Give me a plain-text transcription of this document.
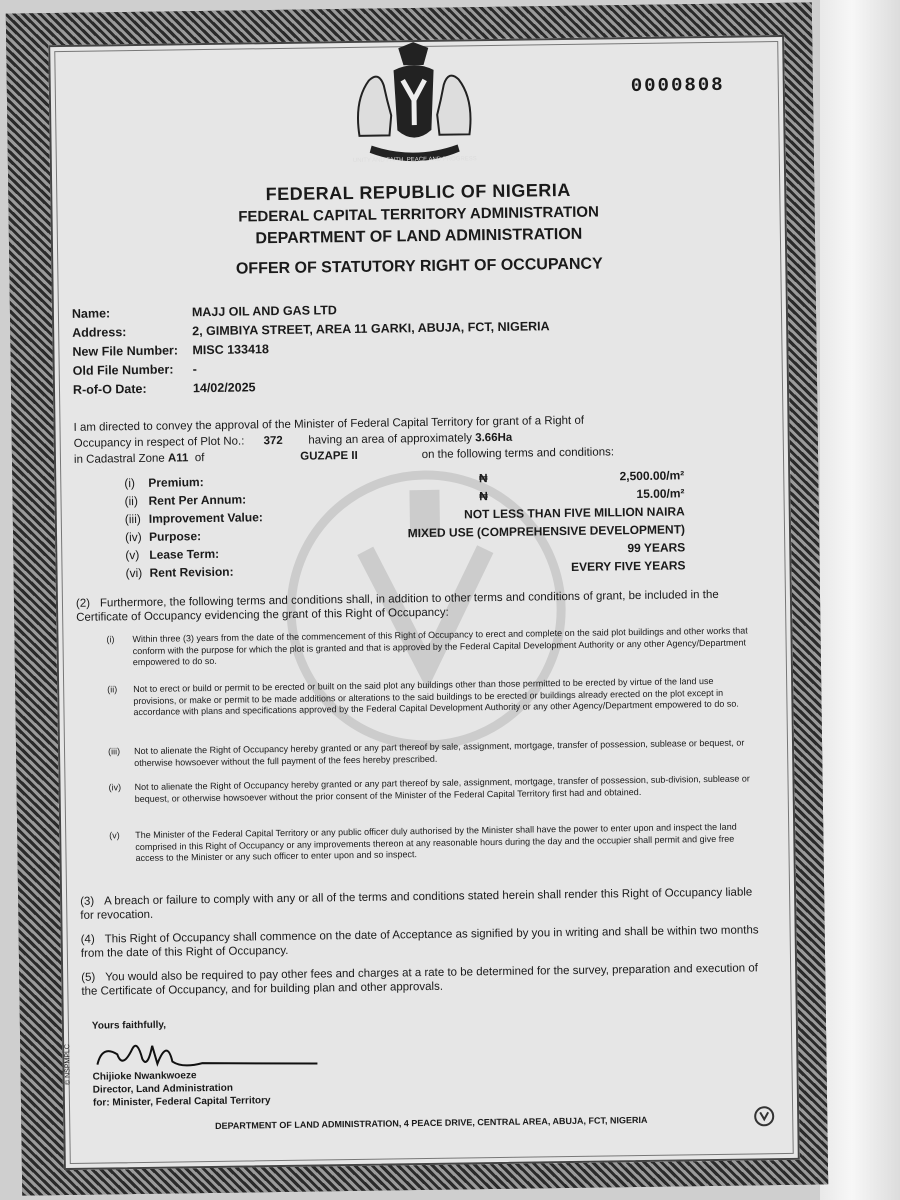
UNITY AND FAITH, PEACE AND PROGRESS
0000808
FEDERAL REPUBLIC OF NIGERIA
FEDERAL CAPITAL TERRITORY ADMINISTRATION
DEPARTMENT OF LAND ADMINISTRATION
OFFER OF STATUTORY RIGHT OF OCCUPANCY
Name:	MAJJ OIL AND GAS LTD
Address:	2, GIMBIYA STREET, AREA 11 GARKI, ABUJA, FCT, NIGERIA
New File Number:	MISC 133418
Old File Number:	-
R-of-O Date:	14/02/2025
I am directed to convey the approval of the Minister of Federal Capital Territory for grant of a Right of
Occupancy in respect of Plot No.: 372 having an area of approximately 3.66Ha
in Cadastral Zone A11 of	GUZAPE II	on the following terms and conditions:
(i)	Premium:	₦	2,500.00/m²
(ii) Rent Per Annum:	₦	15.00/m²
(iii) Improvement Value:	NOT LESS THAN FIVE MILLION NAIRA
(iv) Purpose:	MIXED USE (COMPREHENSIVE DEVELOPMENT)
(v) Lease Term:	99 YEARS
(vi) Rent Revision:	EVERY FIVE YEARS
(2) Furthermore, the following terms and conditions shall, in addition to other terms and conditions of grant, be included in the Certificate of Occupancy evidencing the grant of this Right of Occupancy:
(i)	Within three (3) years from the date of the commencement of this Right of Occupancy to erect and complete on the said plot buildings and other works that conform with the purpose for which the plot is granted and that is approved by the Federal Capital Development Authority or any other Agency/Department empowered to do so.
(ii)	Not to erect or build or permit to be erected or built on the said plot any buildings other than those permitted to be erected by virtue of the land use provisions, or make or permit to be made additions or alterations to the said buildings to be erected or buildings already erected on the plot except in accordance with plans and specifications approved by the Federal Capital Development Authority or any other Agency/Department empowered to do so.
(iii)	Not to alienate the Right of Occupancy hereby granted or any part thereof by sale, assignment, mortgage, transfer of possession, sublease or bequest, or otherwise howsoever without the full payment of the fees hereby prescribed.
(iv)	Not to alienate the Right of Occupancy hereby granted or any part thereof by sale, assignment, mortgage, transfer of possession, sub-division, sublease or bequest, or otherwise howsoever without the prior consent of the Minister of the Federal Capital Territory first had and obtained.
(v)	The Minister of the Federal Capital Territory or any public officer duly authorised by the Minister shall have the power to enter upon and inspect the land comprised in this Right of Occupancy or any improvements thereon at any reasonable hours during the day and the occupier shall permit and give free access to the Minister or any such officer to enter upon and so inspect.
(3) A breach or failure to comply with any or all of the terms and conditions stated herein shall render this Right of Occupancy liable for revocation.
(4) This Right of Occupancy shall commence on the date of Acceptance as signified by you in writing and shall be within two months from the date of this Right of Occupancy.
(5) You would also be required to pay other fees and charges at a rate to be determined for the survey, preparation and execution of the Certificate of Occupancy, and for building plan and other approvals.
Yours faithfully,
Chijioke Nwankwoeze
Director, Land Administration
for: Minister, Federal Capital Territory
© NSPMPLC
DEPARTMENT OF LAND ADMINISTRATION, 4 PEACE DRIVE, CENTRAL AREA, ABUJA, FCT, NIGERIA
